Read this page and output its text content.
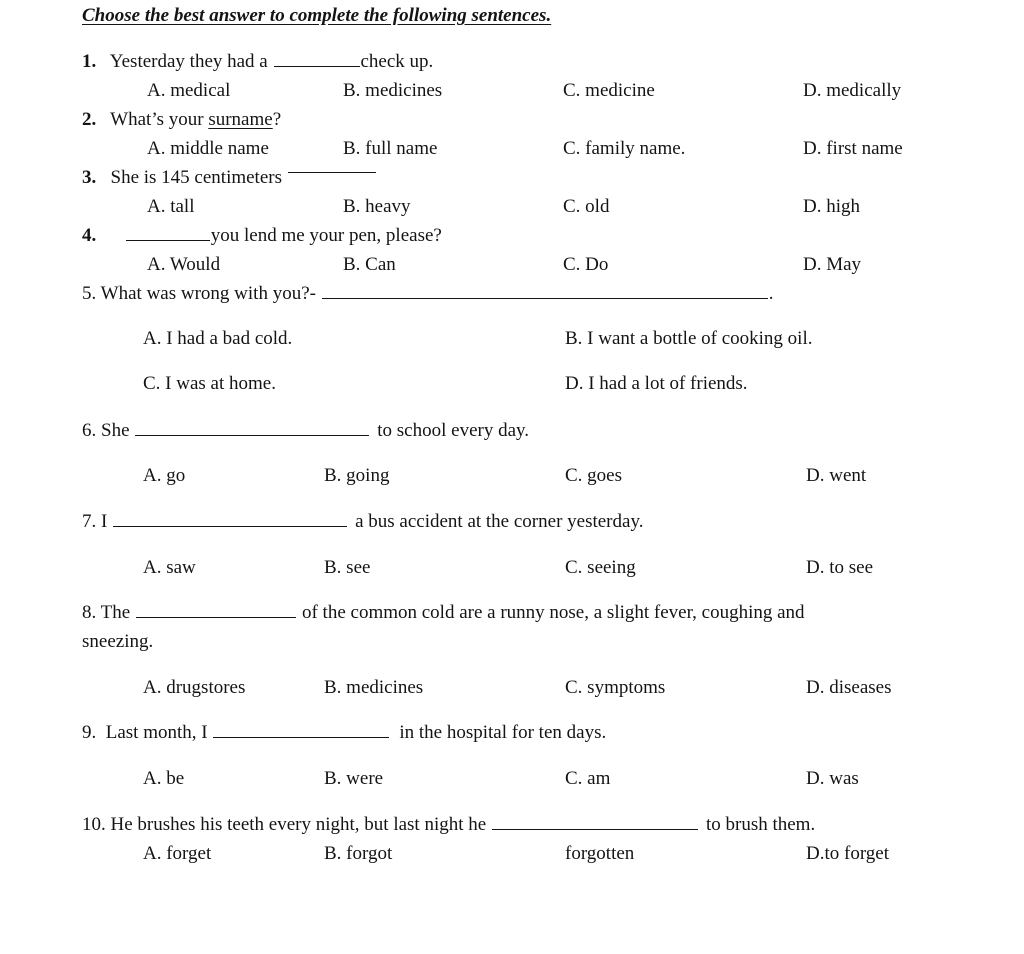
Choose the best answer to complete the following sentences.
1. Yesterday they had a	check up.
A. medical	B. medicines	C. medicine	D. medically
2. What’s your surname?
A. middle name	B. full name	C. family name.	D. first name
3. She is 145 centimeters
A. tall	B. heavy	C. old	D. high
4.	you lend me your pen, please?
A. Would	B. Can	C. Do	D. May
5. What was wrong with you?-	.
A. I had a bad cold.	B. I want a bottle of cooking oil.
C. I was at home.	D. I had a lot of friends.
6. She	to school every day.
A. go	B. going	C. goes	D. went
7. I	a bus accident at the corner yesterday.
A. saw	B. see	C. seeing	D. to see
8. The	of the common cold are a runny nose, a slight fever, coughing and
sneezing.
A. drugstores	B. medicines	C. symptoms	D. diseases
9. Last month, I	in the hospital for ten days.
A. be	B. were	C. am	D. was
10. He brushes his teeth every night, but last night he	to brush them.
A. forget	B. forgot	forgotten	D.to forget
